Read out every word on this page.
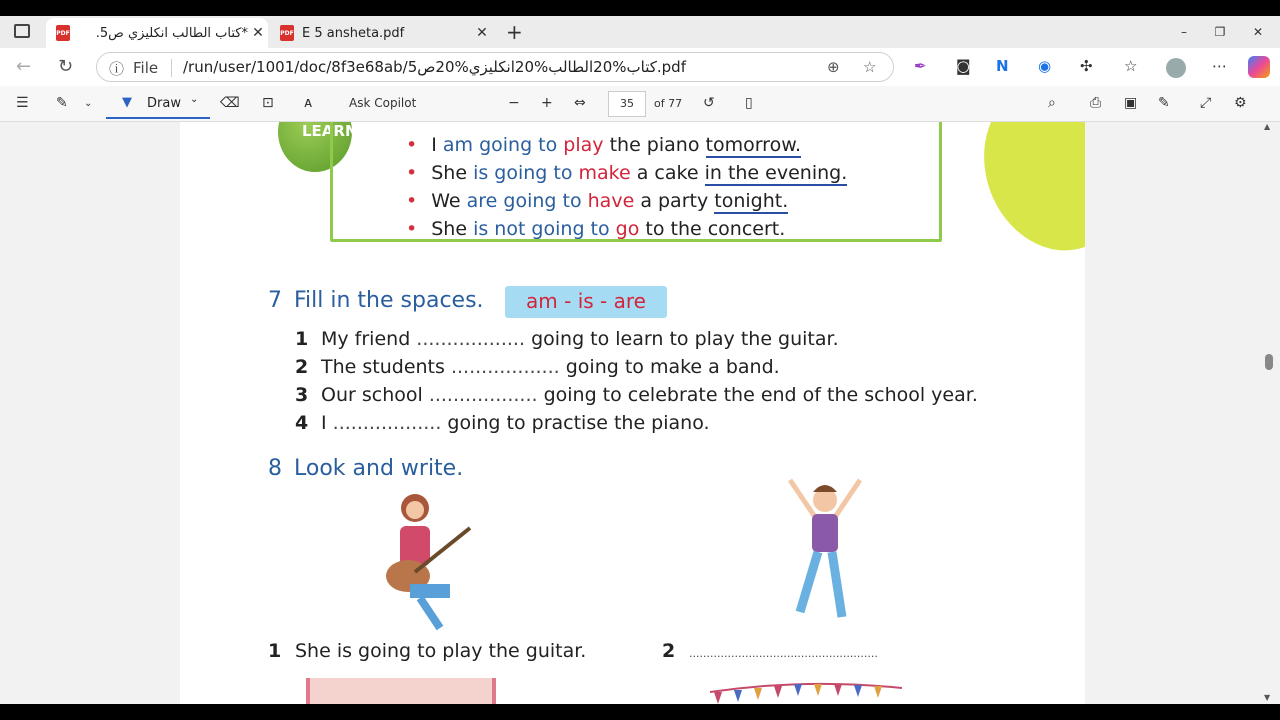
PDF	*كتاب الطالب انكليزي ص5. ✕	PDF E 5 ansheta.pdf	✕ +	–	❐	✕
← ↻ ⓘ File /run/user/1001/doc/8f3e68ab/5كتاب%20الطالب%20انكليزي%20ص.pdf	⊕ ☆	✒ ◙ N ◉ ✣ ☆	⋯
☰ ✎ ⌄ ▼ Draw ⌄ ⌫ ⊡ ᴀ	Ask Copilot	− + ⇔	35	of 77 ↺ ▯	⌕ ⎙ ▣ ✎ ⤢ ⚙
LEARN
• I am going to play the piano tomorrow.
• She is going to make a cake in the evening.
• We are going to have a party tonight.
• She is not going to go to the concert.
7 Fill in the spaces.	am - is - are
1 My friend .................. going to learn to play the guitar.
2 The students .................. going to make a band.
3 Our school .................. going to celebrate the end of the school year.
4 I .................. going to practise the piano.
8 Look and write.
1 She is going to play the guitar.	2 ......................................................
▲
▼
